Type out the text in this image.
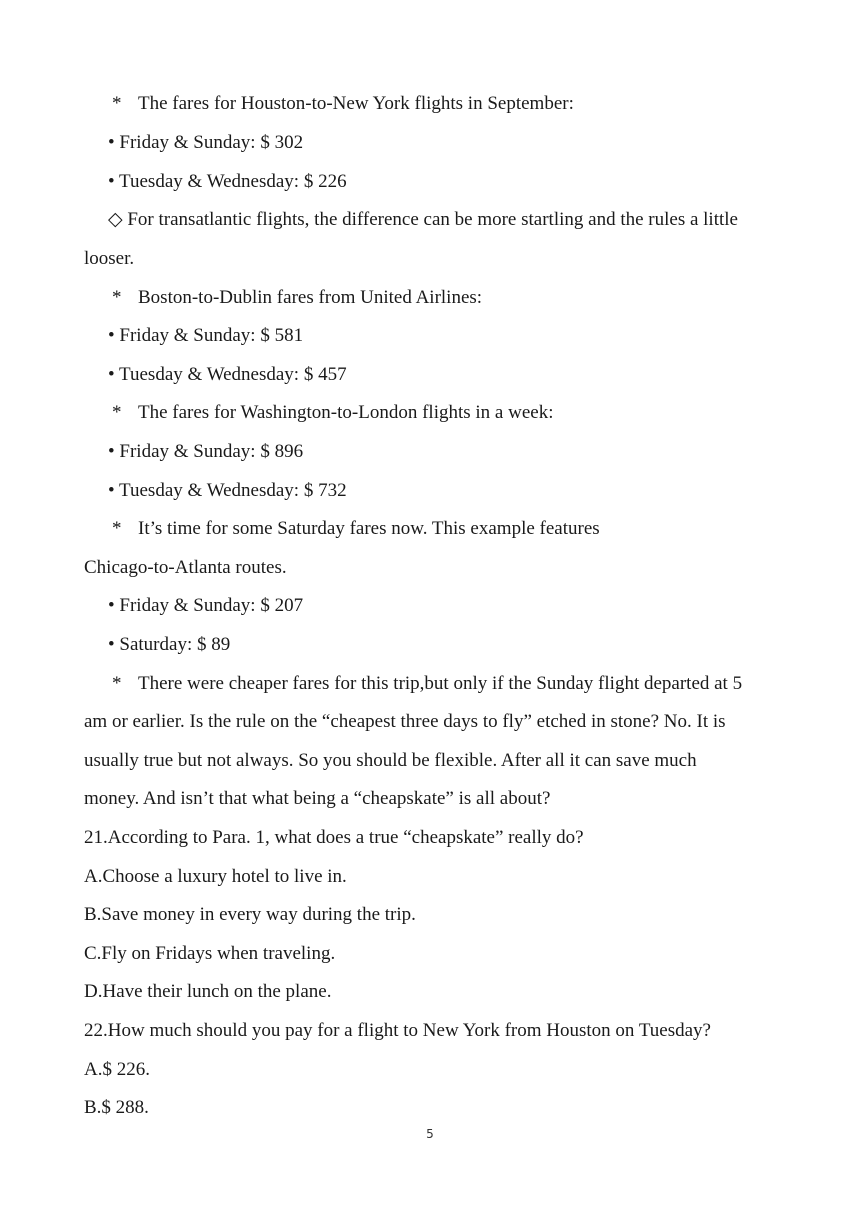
* The fares for Houston-to-New York flights in September:
• Friday & Sunday: $ 302
• Tuesday & Wednesday: $ 226
◇ For transatlantic flights, the difference can be more startling and the rules a little
looser.
* Boston-to-Dublin fares from United Airlines:
• Friday & Sunday: $ 581
• Tuesday & Wednesday: $ 457
* The fares for Washington-to-London flights in a week:
• Friday & Sunday: $ 896
• Tuesday & Wednesday: $ 732
* It’s time for some Saturday fares now. This example features
Chicago-to-Atlanta routes.
• Friday & Sunday: $ 207
• Saturday: $ 89
* There were cheaper fares for this trip,but only if the Sunday flight departed at 5
am or earlier. Is the rule on the “cheapest three days to fly” etched in stone? No. It is
usually true but not always. So you should be flexible. After all it can save much
money. And isn’t that what being a “cheapskate” is all about?
21.According to Para. 1, what does a true “cheapskate” really do?
A.Choose a luxury hotel to live in.
B.Save money in every way during the trip.
C.Fly on Fridays when traveling.
D.Have their lunch on the plane.
22.How much should you pay for a flight to New York from Houston on Tuesday?
A.$ 226.
B.$ 288.
5
